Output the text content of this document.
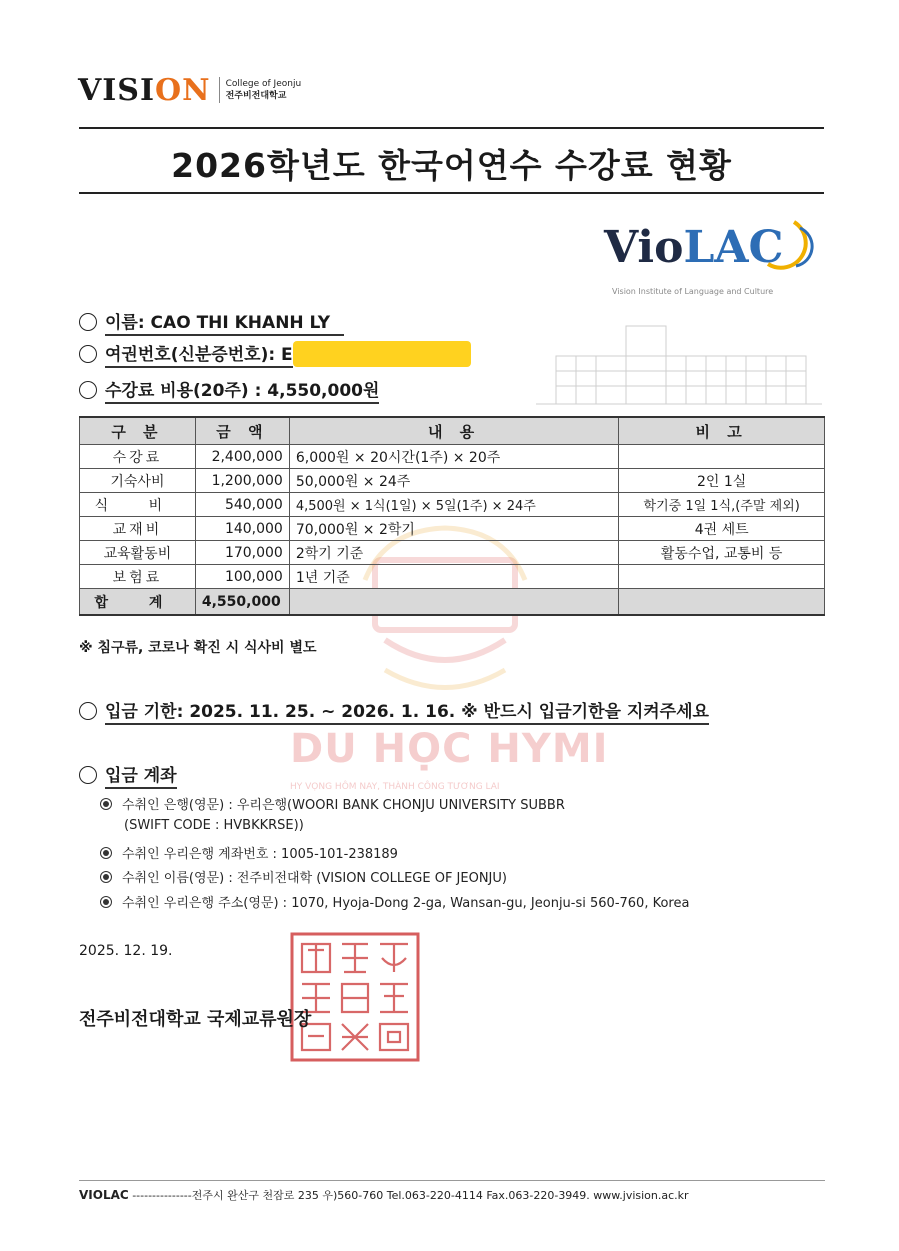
VISION College of Jeonju
전주비전대학교
2026학년도 한국어연수 수강료 현황
VioLAC
Vision Institute of Language and Culture
DU HỌC HYMI
HY VỌNG HÔM NAY, THÀNH CÔNG TƯƠNG LAI
이름: CAO THI KHANH LY
여권번호(신분증번호): E
수강료 비용(20주) : 4,550,000원
구 분	금 액	내 용	비 고
수강료	2,400,000	6,000원 × 20시간(1주) × 20주	
기숙사비	1,200,000	50,000원 × 24주	2인 1실
식 비	540,000	4,500원 × 1식(1일) × 5일(1주) × 24주	학기중 1일 1식,(주말 제외)
교재비	140,000	70,000원 × 2학기	4권 세트
교육활동비	170,000	2학기 기준	활동수업, 교통비 등
보험료	100,000	1년 기준	
합 계	4,550,000		
※ 침구류, 코로나 확진 시 식사비 별도
입금 기한: 2025. 11. 25. ~ 2026. 1. 16. ※ 반드시 입금기한을 지켜주세요
입금 계좌
수취인 은행(영문) : 우리은행(WOORI BANK CHONJU UNIVERSITY SUBBR
(SWIFT CODE : HVBKKRSE))
수취인 우리은행 계좌번호 : 1005-101-238189
수취인 이름(영문) : 전주비전대학 (VISION COLLEGE OF JEONJU)
수취인 우리은행 주소(영문) : 1070, Hyoja-Dong 2-ga, Wansan-gu, Jeonju-si 560-760, Korea
2025. 12. 19.
전주비전대학교 국제교류원장
VIOLAC ---------------전주시 완산구 천잠로 235 우)560-760 Tel.063-220-4114 Fax.063-220-3949. www.jvision.ac.kr
